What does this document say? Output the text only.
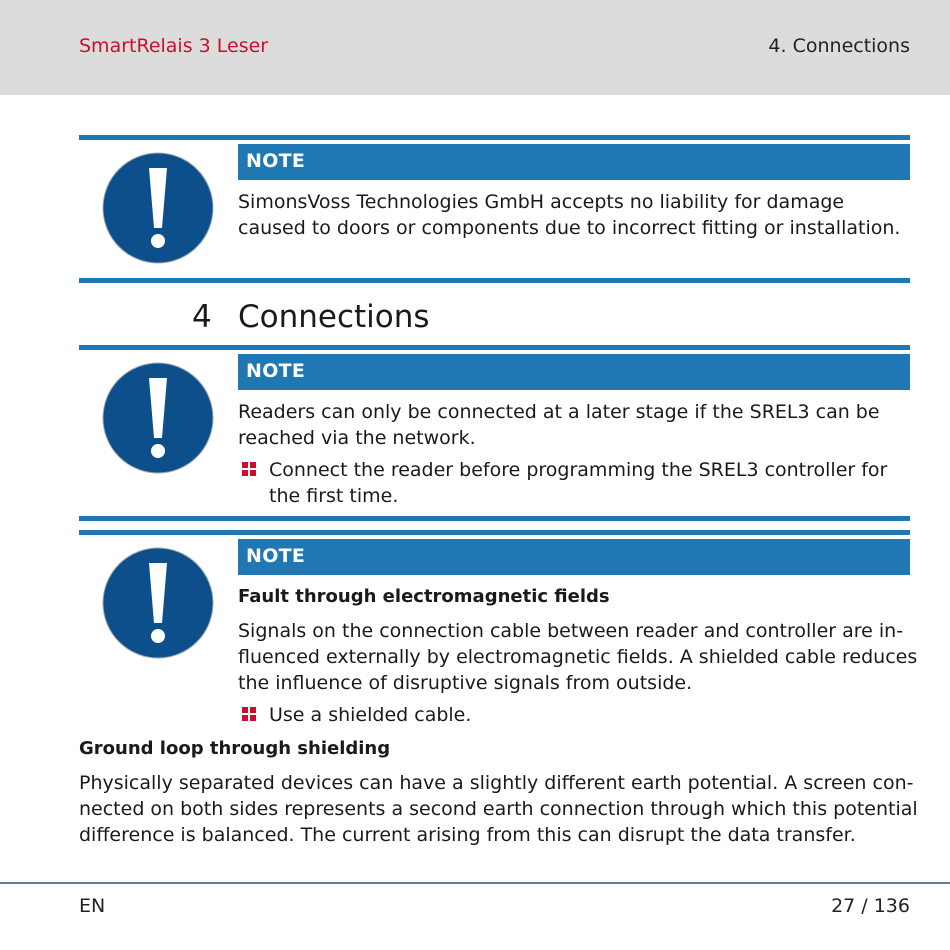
SmartRelais 3 Leser	4. Connections
NOTE
SimonsVoss Technologies GmbH accepts no liability for damage
caused to doors or components due to incorrect fitting or installation.
4 Connections
NOTE
Readers can only be connected at a later stage if the SREL3 can be
reached via the network.
Connect the reader before programming the SREL3 controller for
the first time.
NOTE
Fault through electromagnetic fields
Signals on the connection cable between reader and controller are in-
fluenced externally by electromagnetic fields. A shielded cable reduces
the influence of disruptive signals from outside.
Use a shielded cable.
Ground loop through shielding
Physically separated devices can have a slightly different earth potential. A screen con-
nected on both sides represents a second earth connection through which this potential
difference is balanced. The current arising from this can disrupt the data transfer.
EN	27 / 136
